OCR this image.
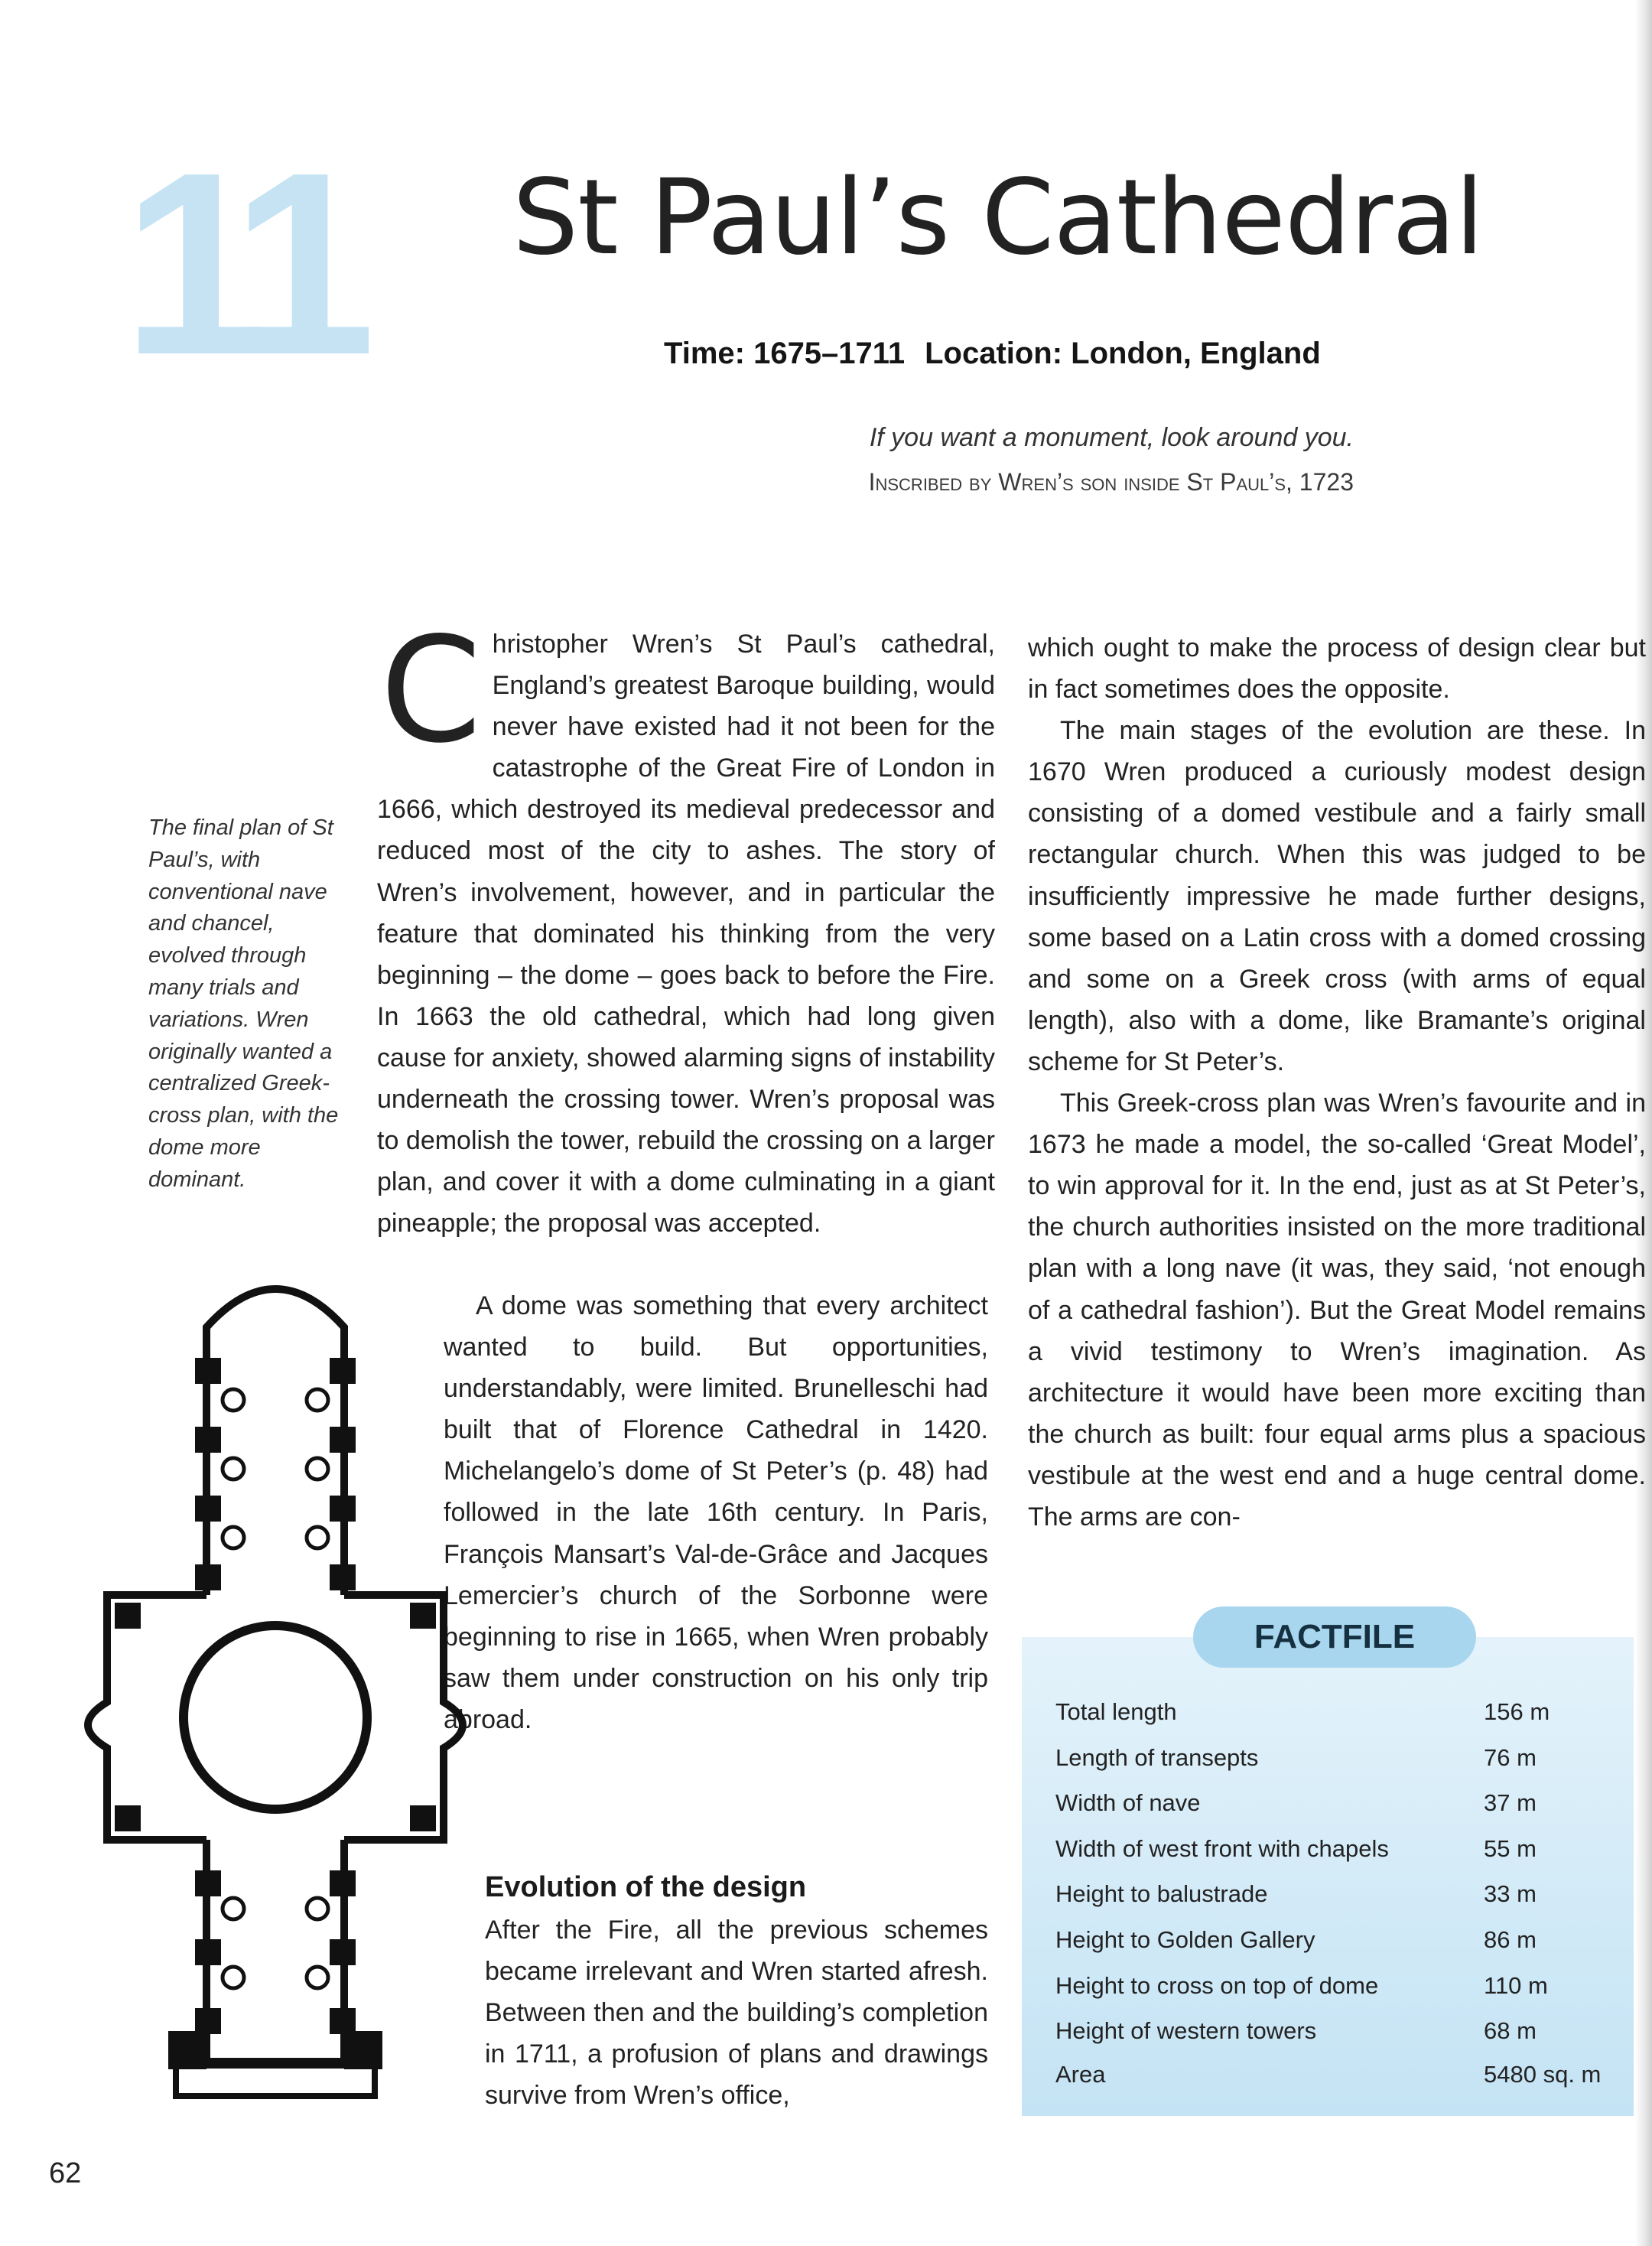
11 St Paul’s Cathedral
Time: 1675–1711 Location: London, England
If you want a monument, look around you.
Inscribed by Wren’s son inside St Paul’s, 1723
The final plan of St Paul’s, with conventional nave and chancel, evolved through many trials and variations. Wren originally wanted a centralized Greek-cross plan, with the dome more dominant.
C hristopher Wren’s St Paul’s cathedral, England’s greatest Baroque building, would never have existed had it not been for the catastrophe of the Great Fire of London in 1666, which destroyed its medieval predecessor and reduced most of the city to ashes. The story of Wren’s involvement, however, and in particular the feature that dominated his thinking from the very beginning – the dome – goes back to before the Fire. In 1663 the old cathedral, which had long given cause for anxiety, showed alarming signs of instability underneath the crossing tower. Wren’s proposal was to demolish the tower, rebuild the crossing on a larger plan, and cover it with a dome culminating in a giant pineapple; the proposal was accepted.

A dome was something that every architect wanted to build. But opportunities, understandably, were limited. Brunelleschi had built that of Florence Cathedral in 1420. Michelangelo’s dome of St Peter’s (p. 48) had followed in the late 16th century. In Paris, François Mansart’s Val-de-Grâce and Jacques Lemercier’s church of the Sorbonne were beginning to rise in 1665, when Wren probably saw them under construction on his only trip abroad.

Evolution of the design

After the Fire, all the previous schemes became irrelevant and Wren started afresh. Between then and the building’s completion in 1711, a profusion of plans and drawings survive from Wren’s office,

which ought to make the process of design clear but in fact sometimes does the opposite.

The main stages of the evolution are these. In 1670 Wren produced a curiously modest design consisting of a domed vestibule and a fairly small rectangular church. When this was judged to be insufficiently impressive he made further designs, some based on a Latin cross with a domed crossing and some on a Greek cross (with arms of equal length), also with a dome, like Bramante’s original scheme for St Peter’s.

This Greek-cross plan was Wren’s favourite and in 1673 he made a model, the so-called ‘Great Model’, to win approval for it. In the end, just as at St Peter’s, the church authorities insisted on the more traditional plan with a long nave (it was, they said, ‘not enough of a cathedral fashion’). But the Great Model remains a vivid testimony to Wren’s imagination. As architecture it would have been more exciting than the church as built: four equal arms plus a spacious vestibule at the west end and a huge central dome. The arms are con-

FACTFILE
Total length	156 m
Length of transepts	76 m
Width of nave	37 m
Width of west front with chapels	55 m
Height to balustrade	33 m
Height to Golden Gallery	86 m
Height to cross on top of dome	110 m
Height of western towers	68 m
Area	5480 sq. m
62
